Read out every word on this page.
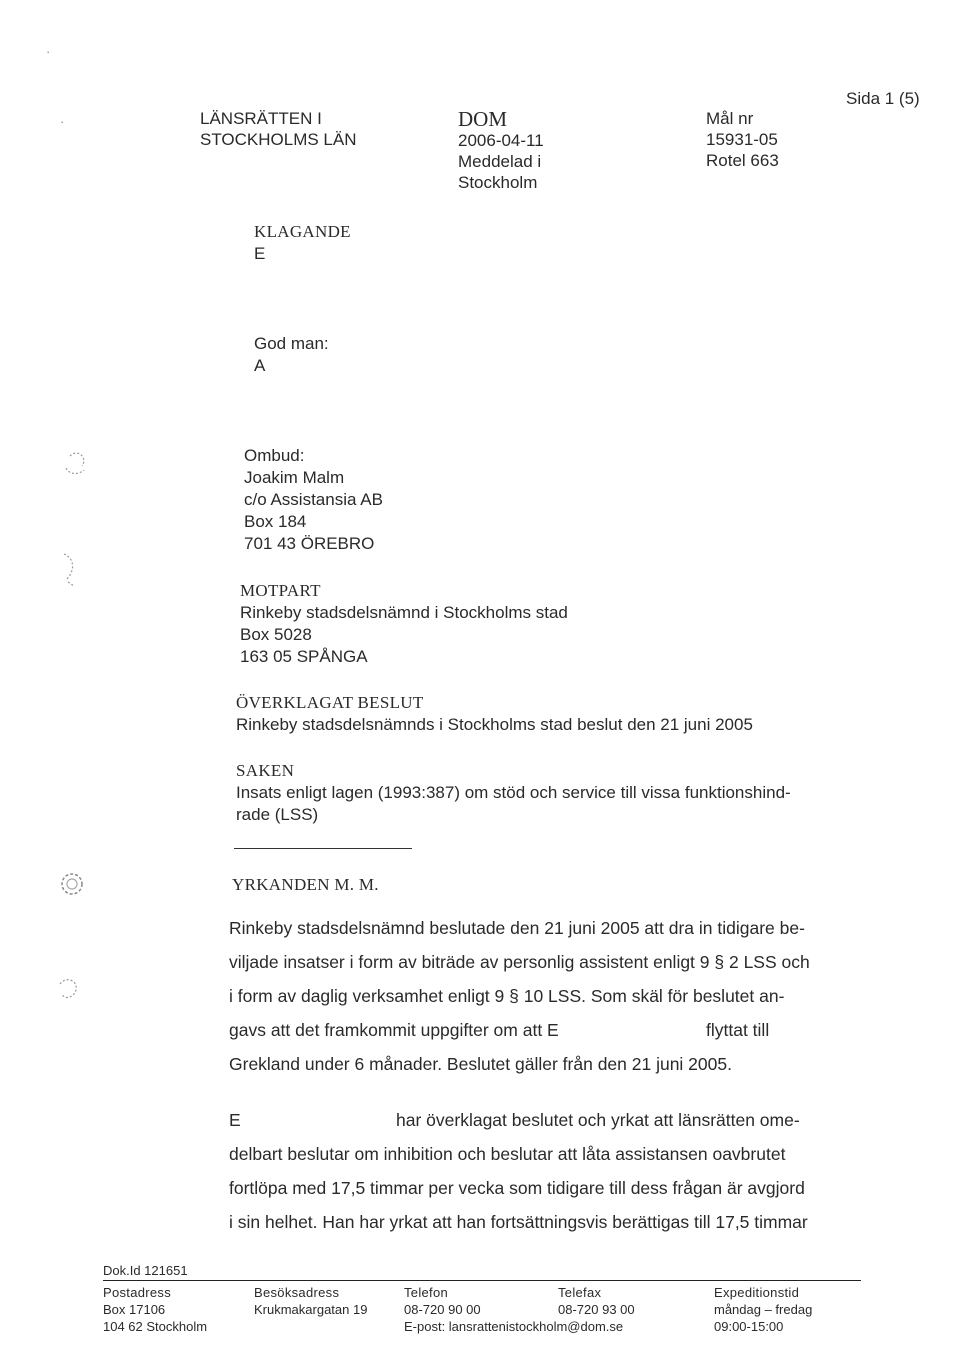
Sida 1 (5)
LÄNSRÄTTEN I
STOCKHOLMS LÄN
DOM
2006-04-11
Meddelad i
Stockholm
Mål nr
15931-05
Rotel 663
KLAGANDE
E
God man:
A
Ombud:
Joakim Malm
c/o Assistansia AB
Box 184
701 43 ÖREBRO
MOTPART
Rinkeby stadsdelsnämnd i Stockholms stad
Box 5028
163 05 SPÅNGA
ÖVERKLAGAT BESLUT
Rinkeby stadsdelsnämnds i Stockholms stad beslut den 21 juni 2005
SAKEN
Insats enligt lagen (1993:387) om stöd och service till vissa funktionshind-
rade (LSS)
YRKANDEN M. M.
Rinkeby stadsdelsnämnd beslutade den 21 juni 2005 att dra in tidigare be-
viljade insatser i form av biträde av personlig assistent enligt 9 § 2 LSS och
i form av daglig verksamhet enligt 9 § 10 LSS. Som skäl för beslutet an-
gavs att det framkommit uppgifter om att E	flyttat till
Grekland under 6 månader. Beslutet gäller från den 21 juni 2005.
E	har överklagat beslutet och yrkat att länsrätten ome-
delbart beslutar om inhibition och beslutar att låta assistansen oavbrutet
fortlöpa med 17,5 timmar per vecka som tidigare till dess frågan är avgjord
i sin helhet. Han har yrkat att han fortsättningsvis berättigas till 17,5 timmar
Dok.Id 121651
Postadress
Box 17106
104 62 Stockholm
Besöksadress
Krukmakargatan 19
Telefon
08-720 90 00
E-post: lansrattenistockholm@dom.se
Telefax
08-720 93 00
Expeditionstid
måndag – fredag
09:00-15:00
·
·
